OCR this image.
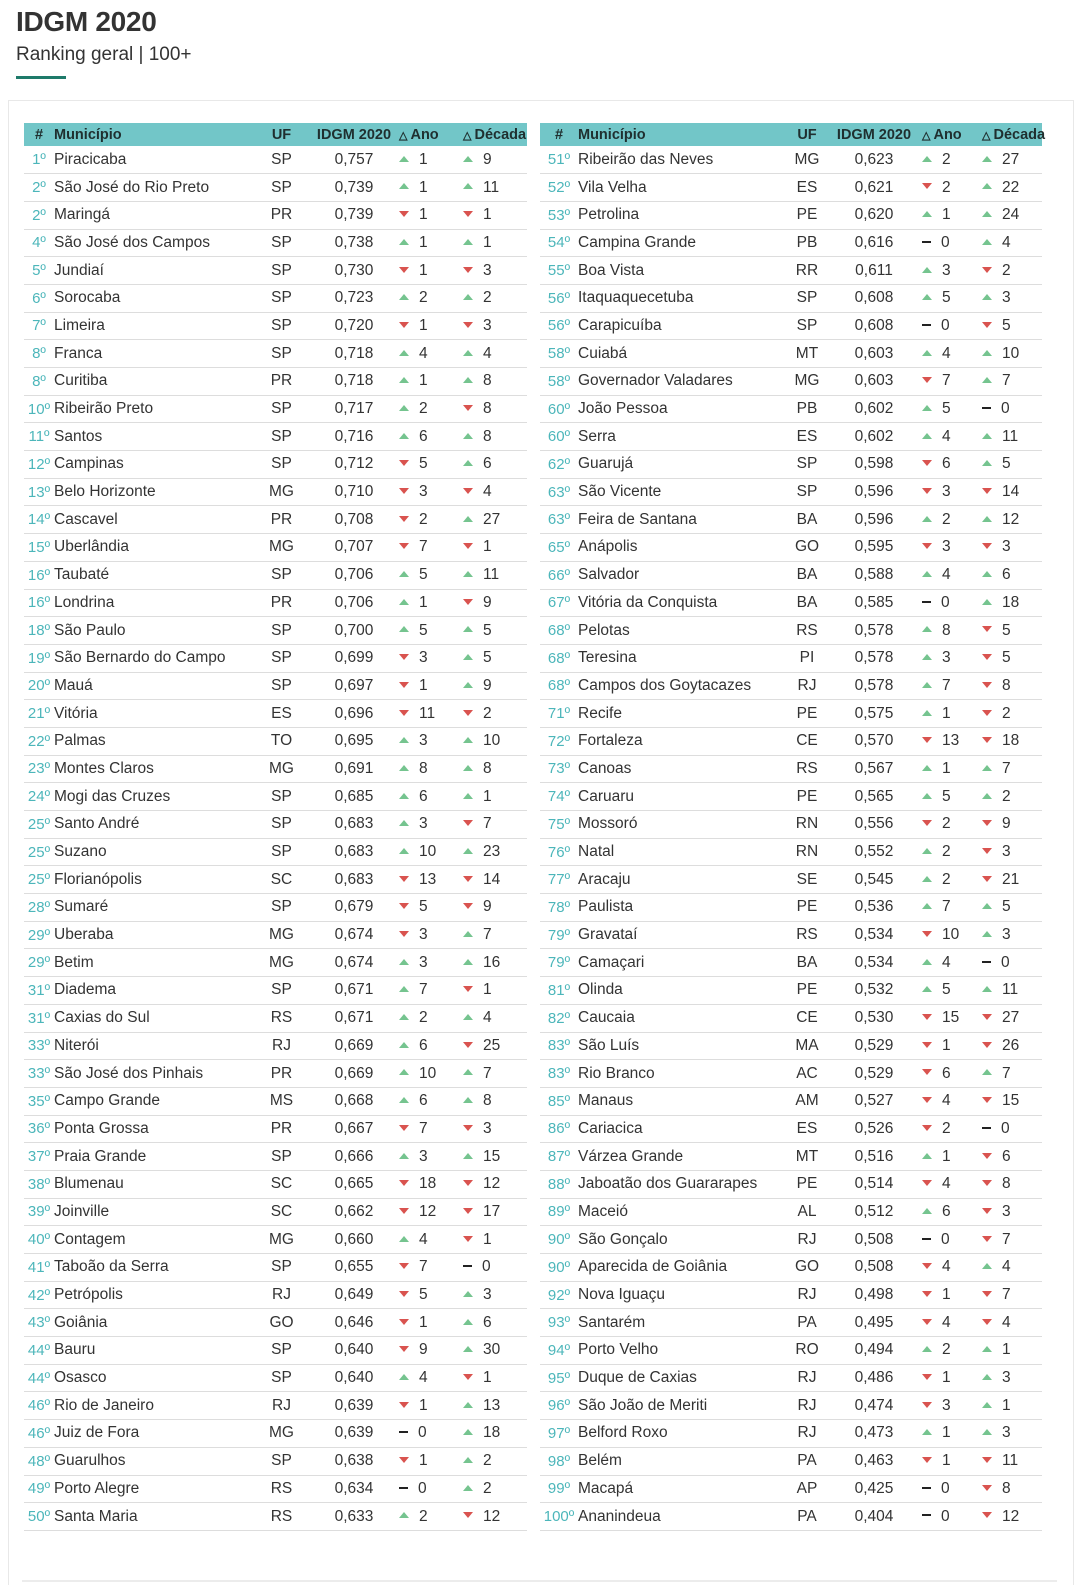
IDGM 2020
Ranking geral | 100+
#	Município	UF	IDGM 2020	△ Ano	△ Década
1º	Piracicaba	SP	0,757	1	9
2º	São José do Rio Preto	SP	0,739	1	11
2º	Maringá	PR	0,739	1	1
4º	São José dos Campos	SP	0,738	1	1
5º	Jundiaí	SP	0,730	1	3
6º	Sorocaba	SP	0,723	2	2
7º	Limeira	SP	0,720	1	3
8º	Franca	SP	0,718	4	4
8º	Curitiba	PR	0,718	1	8
10º	Ribeirão Preto	SP	0,717	2	8
11º	Santos	SP	0,716	6	8
12º	Campinas	SP	0,712	5	6
13º	Belo Horizonte	MG	0,710	3	4
14º	Cascavel	PR	0,708	2	27
15º	Uberlândia	MG	0,707	7	1
16º	Taubaté	SP	0,706	5	11
16º	Londrina	PR	0,706	1	9
18º	São Paulo	SP	0,700	5	5
19º	São Bernardo do Campo	SP	0,699	3	5
20º	Mauá	SP	0,697	1	9
21º	Vitória	ES	0,696	11	2
22º	Palmas	TO	0,695	3	10
23º	Montes Claros	MG	0,691	8	8
24º	Mogi das Cruzes	SP	0,685	6	1
25º	Santo André	SP	0,683	3	7
25º	Suzano	SP	0,683	10	23
25º	Florianópolis	SC	0,683	13	14
28º	Sumaré	SP	0,679	5	9
29º	Uberaba	MG	0,674	3	7
29º	Betim	MG	0,674	3	16
31º	Diadema	SP	0,671	7	1
31º	Caxias do Sul	RS	0,671	2	4
33º	Niterói	RJ	0,669	6	25
33º	São José dos Pinhais	PR	0,669	10	7
35º	Campo Grande	MS	0,668	6	8
36º	Ponta Grossa	PR	0,667	7	3
37º	Praia Grande	SP	0,666	3	15
38º	Blumenau	SC	0,665	18	12
39º	Joinville	SC	0,662	12	17
40º	Contagem	MG	0,660	4	1
41º	Taboão da Serra	SP	0,655	7	0
42º	Petrópolis	RJ	0,649	5	3
43º	Goiânia	GO	0,646	1	6
44º	Bauru	SP	0,640	9	30
44º	Osasco	SP	0,640	4	1
46º	Rio de Janeiro	RJ	0,639	1	13
46º	Juiz de Fora	MG	0,639	0	18
48º	Guarulhos	SP	0,638	1	2
49º	Porto Alegre	RS	0,634	0	2
50º	Santa Maria	RS	0,633	2	12
#	Município	UF	IDGM 2020	△ Ano	△ Década
51º	Ribeirão das Neves	MG	0,623	2	27
52º	Vila Velha	ES	0,621	2	22
53º	Petrolina	PE	0,620	1	24
54º	Campina Grande	PB	0,616	0	4
55º	Boa Vista	RR	0,611	3	2
56º	Itaquaquecetuba	SP	0,608	5	3
56º	Carapicuíba	SP	0,608	0	5
58º	Cuiabá	MT	0,603	4	10
58º	Governador Valadares	MG	0,603	7	7
60º	João Pessoa	PB	0,602	5	0
60º	Serra	ES	0,602	4	11
62º	Guarujá	SP	0,598	6	5
63º	São Vicente	SP	0,596	3	14
63º	Feira de Santana	BA	0,596	2	12
65º	Anápolis	GO	0,595	3	3
66º	Salvador	BA	0,588	4	6
67º	Vitória da Conquista	BA	0,585	0	18
68º	Pelotas	RS	0,578	8	5
68º	Teresina	PI	0,578	3	5
68º	Campos dos Goytacazes	RJ	0,578	7	8
71º	Recife	PE	0,575	1	2
72º	Fortaleza	CE	0,570	13	18
73º	Canoas	RS	0,567	1	7
74º	Caruaru	PE	0,565	5	2
75º	Mossoró	RN	0,556	2	9
76º	Natal	RN	0,552	2	3
77º	Aracaju	SE	0,545	2	21
78º	Paulista	PE	0,536	7	5
79º	Gravataí	RS	0,534	10	3
79º	Camaçari	BA	0,534	4	0
81º	Olinda	PE	0,532	5	11
82º	Caucaia	CE	0,530	15	27
83º	São Luís	MA	0,529	1	26
83º	Rio Branco	AC	0,529	6	7
85º	Manaus	AM	0,527	4	15
86º	Cariacica	ES	0,526	2	0
87º	Várzea Grande	MT	0,516	1	6
88º	Jaboatão dos Guararapes	PE	0,514	4	8
89º	Maceió	AL	0,512	6	3
90º	São Gonçalo	RJ	0,508	0	7
90º	Aparecida de Goiânia	GO	0,508	4	4
92º	Nova Iguaçu	RJ	0,498	1	7
93º	Santarém	PA	0,495	4	4
94º	Porto Velho	RO	0,494	2	1
95º	Duque de Caxias	RJ	0,486	1	3
96º	São João de Meriti	RJ	0,474	3	1
97º	Belford Roxo	RJ	0,473	1	3
98º	Belém	PA	0,463	1	11
99º	Macapá	AP	0,425	0	8
100º	Ananindeua	PA	0,404	0	12
